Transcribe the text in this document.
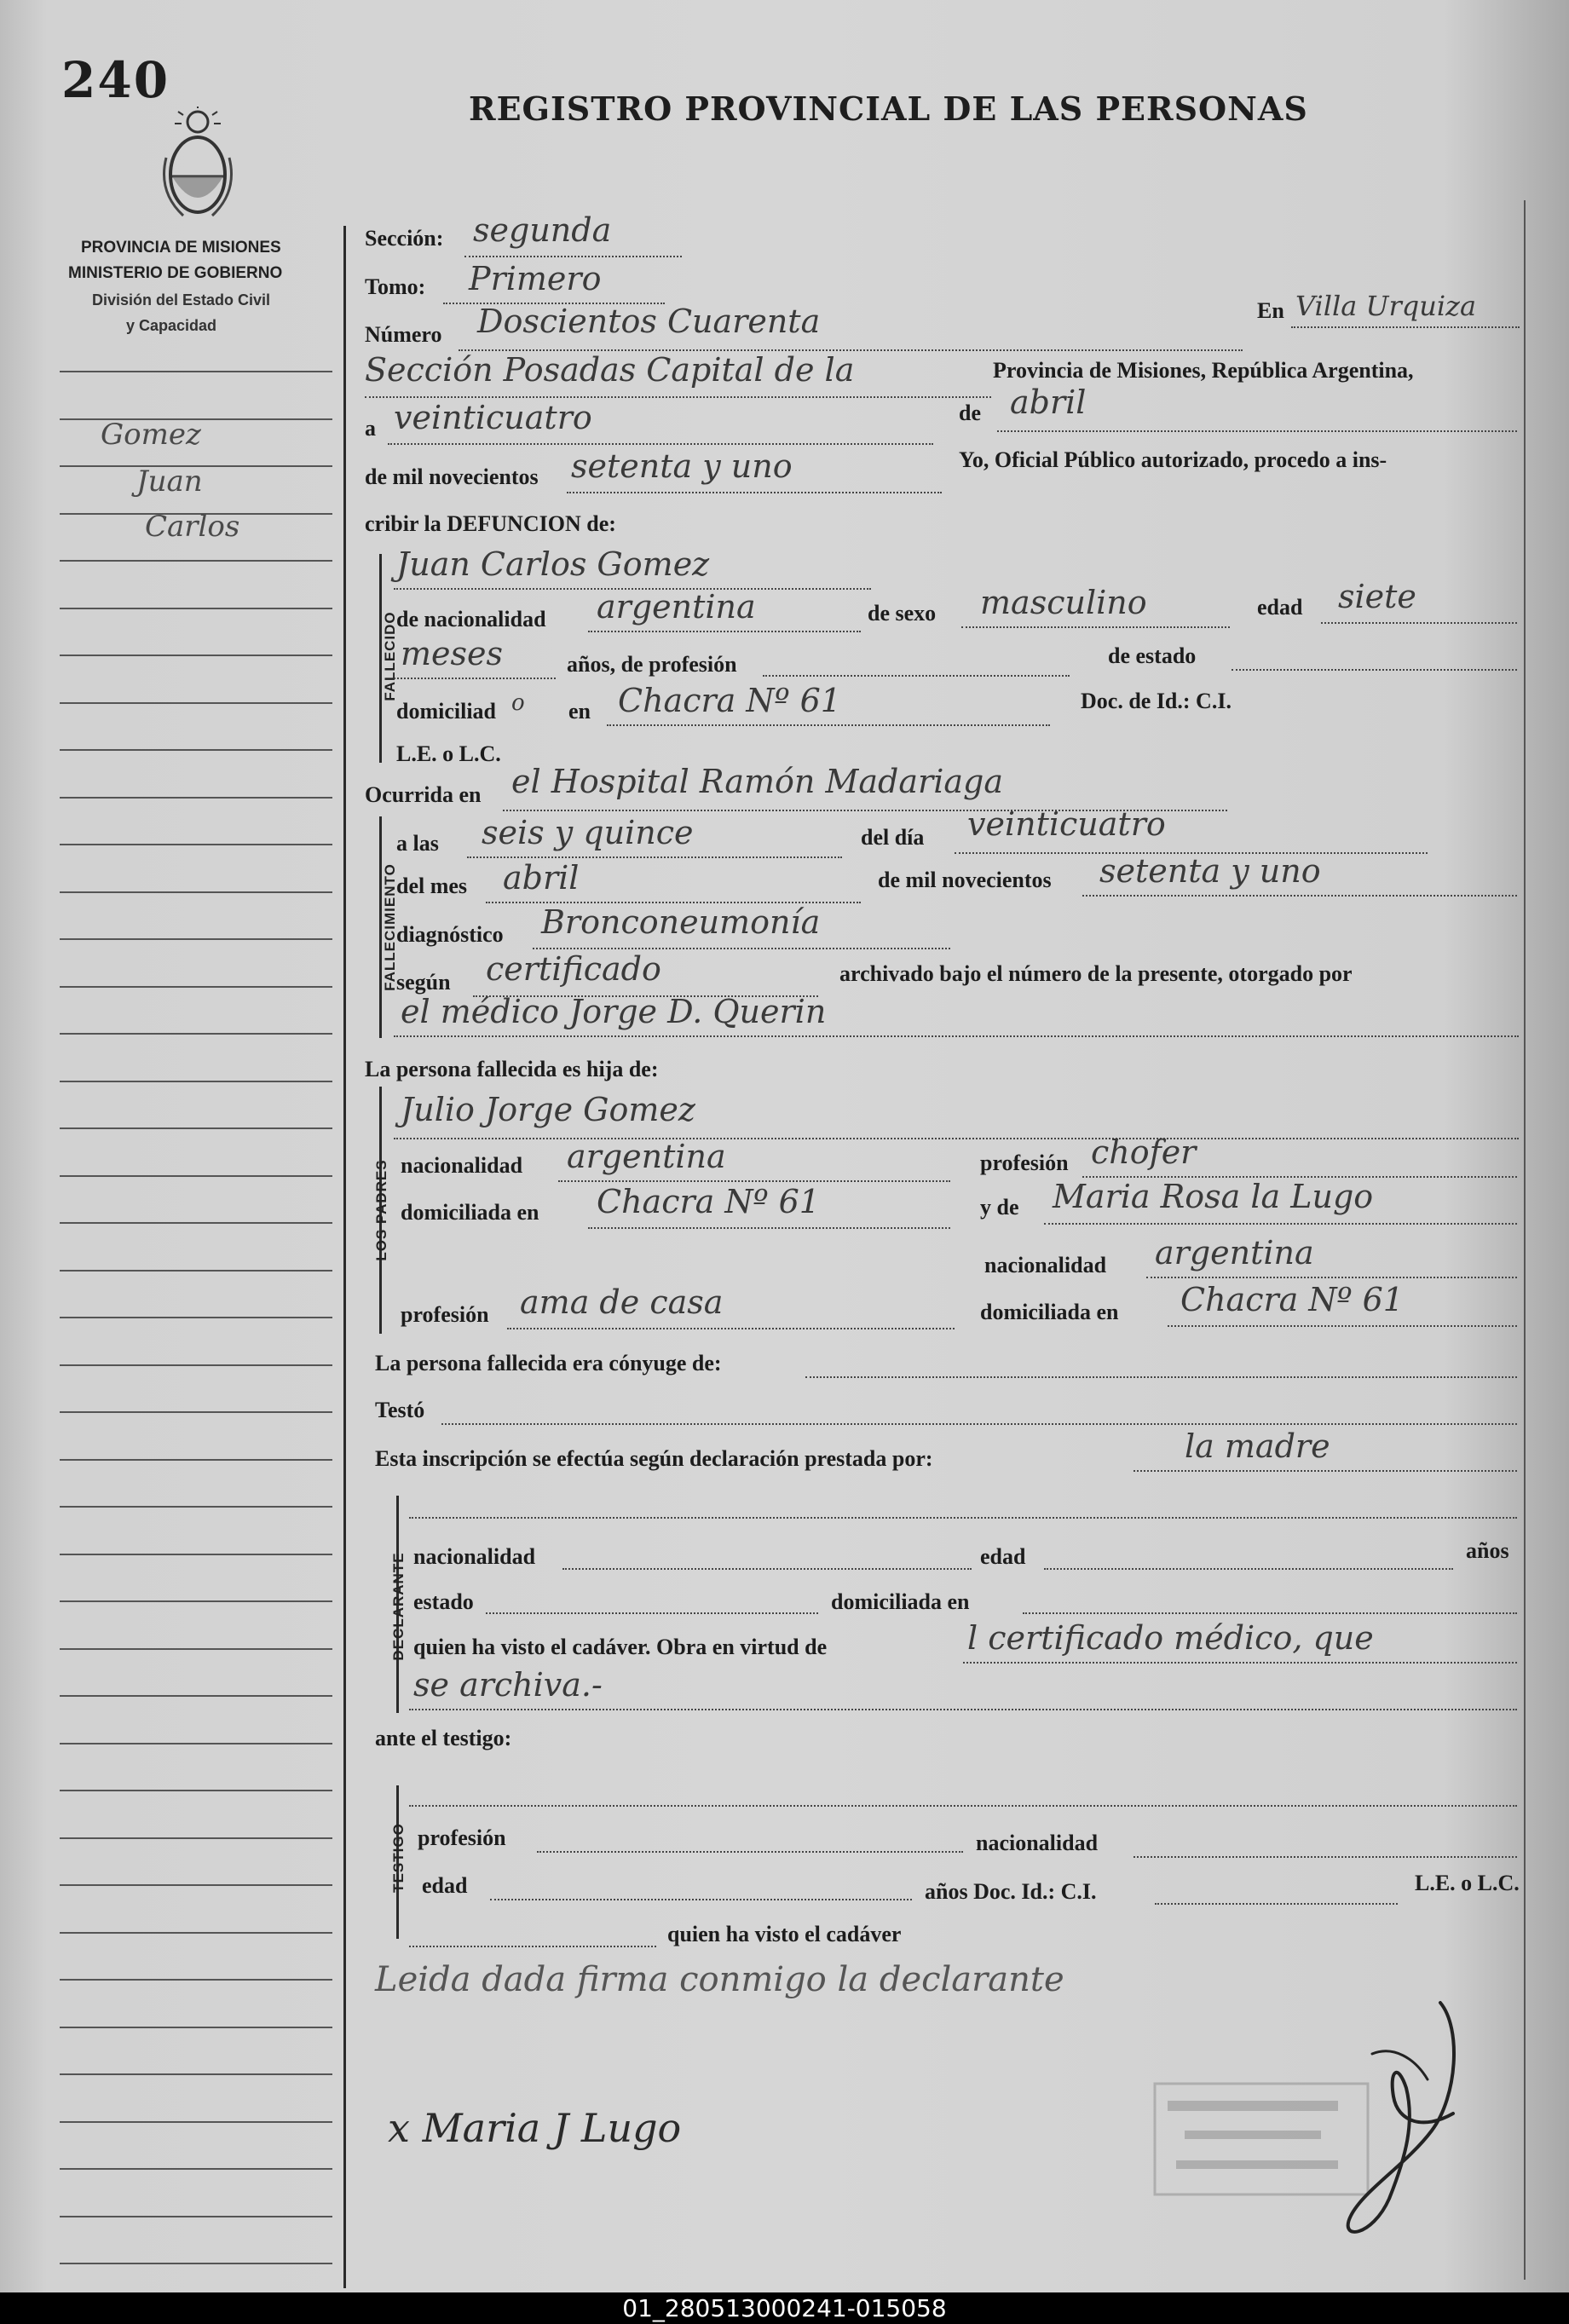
240	REGISTRO PROVINCIAL DE LAS PERSONAS
PROVINCIA DE MISIONES
MINISTERIO DE GOBIERNO
División del Estado Civil
y Capacidad
Gomez
Juan
Carlos
Sección: segunda
Tomo: Primero
Número Doscientos Cuarenta	En Villa Urquiza
Sección Posadas Capital de la	Provincia de Misiones, República Argentina,
a veinticuatro	de abril
de mil novecientos setenta y uno	Yo, Oficial Público autorizado, procedo a ins-
cribir la DEFUNCION de:
FALLECIDO
Juan Carlos Gomez
de nacionalidad argentina	de sexo masculino	edad siete
meses	años, de profesión	de estado
domiciliad o en Chacra Nº 61	Doc. de Id.: C.I.
L.E. o L.C.
Ocurrida en el Hospital Ramón Madariaga
FALLECIMIENTO
a las seis y quince	del día veinticuatro
del mes abril	de mil novecientos setenta y uno
diagnóstico Bronconeumonía
según certificado	archivado bajo el número de la presente, otorgado por
el médico Jorge D. Querin
La persona fallecida es hija de:
LOS PADRES
Julio Jorge Gomez
nacionalidad argentina	profesión chofer
domiciliada en Chacra Nº 61	y de Maria Rosa la Lugo
nacionalidad argentina
profesión ama de casa	domiciliada en Chacra Nº 61
La persona fallecida era cónyuge de:
Testó
Esta inscripción se efectúa según declaración prestada por:	la madre
DECLARANTE nacionalidad	edad	años
estado	domiciliada en
quien ha visto el cadáver. Obra en virtud de	l certificado médico, que
se archiva.-
ante el testigo:
TESTIGO profesión	nacionalidad
edad	años Doc. Id.: C.I.	L.E. o L.C.
quien ha visto el cadáver
Leida dada firma conmigo la declarante
x Maria J Lugo
01_280513000241-015058
